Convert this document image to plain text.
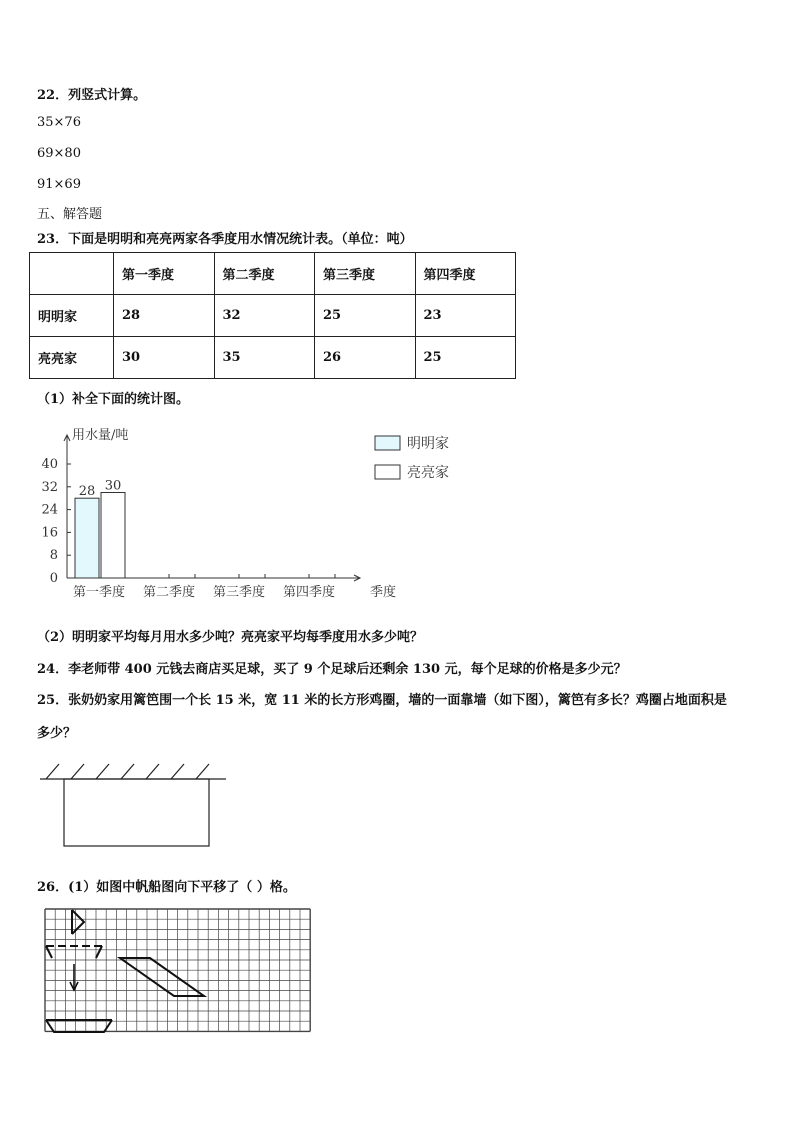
22．列竖式计算。
35×76
69×80
91×69
五、解答题
23．下面是明明和亮亮两家各季度用水情况统计表。（单位：吨）
	第一季度	第二季度	第三季度	第四季度
明明家	28	32	25	23
亮亮家	30	35	26	25
（1）补全下面的统计图。
用水量/吨
0
8
16
24
32
40
第一季度 第二季度 第三季度 第四季度	季度
28 30
明明家
亮亮家
（2）明明家平均每月用水多少吨？亮亮家平均每季度用水多少吨？
24．李老师带 400 元钱去商店买足球，买了 9 个足球后还剩余 130 元，每个足球的价格是多少元？
25．张奶奶家用篱笆围一个长 15 米，宽 11 米的长方形鸡圈，墙的一面靠墙（如下图），篱笆有多长？鸡圈占地面积是
多少？
26．(1）如图中帆船图向下平移了（ ）格。
